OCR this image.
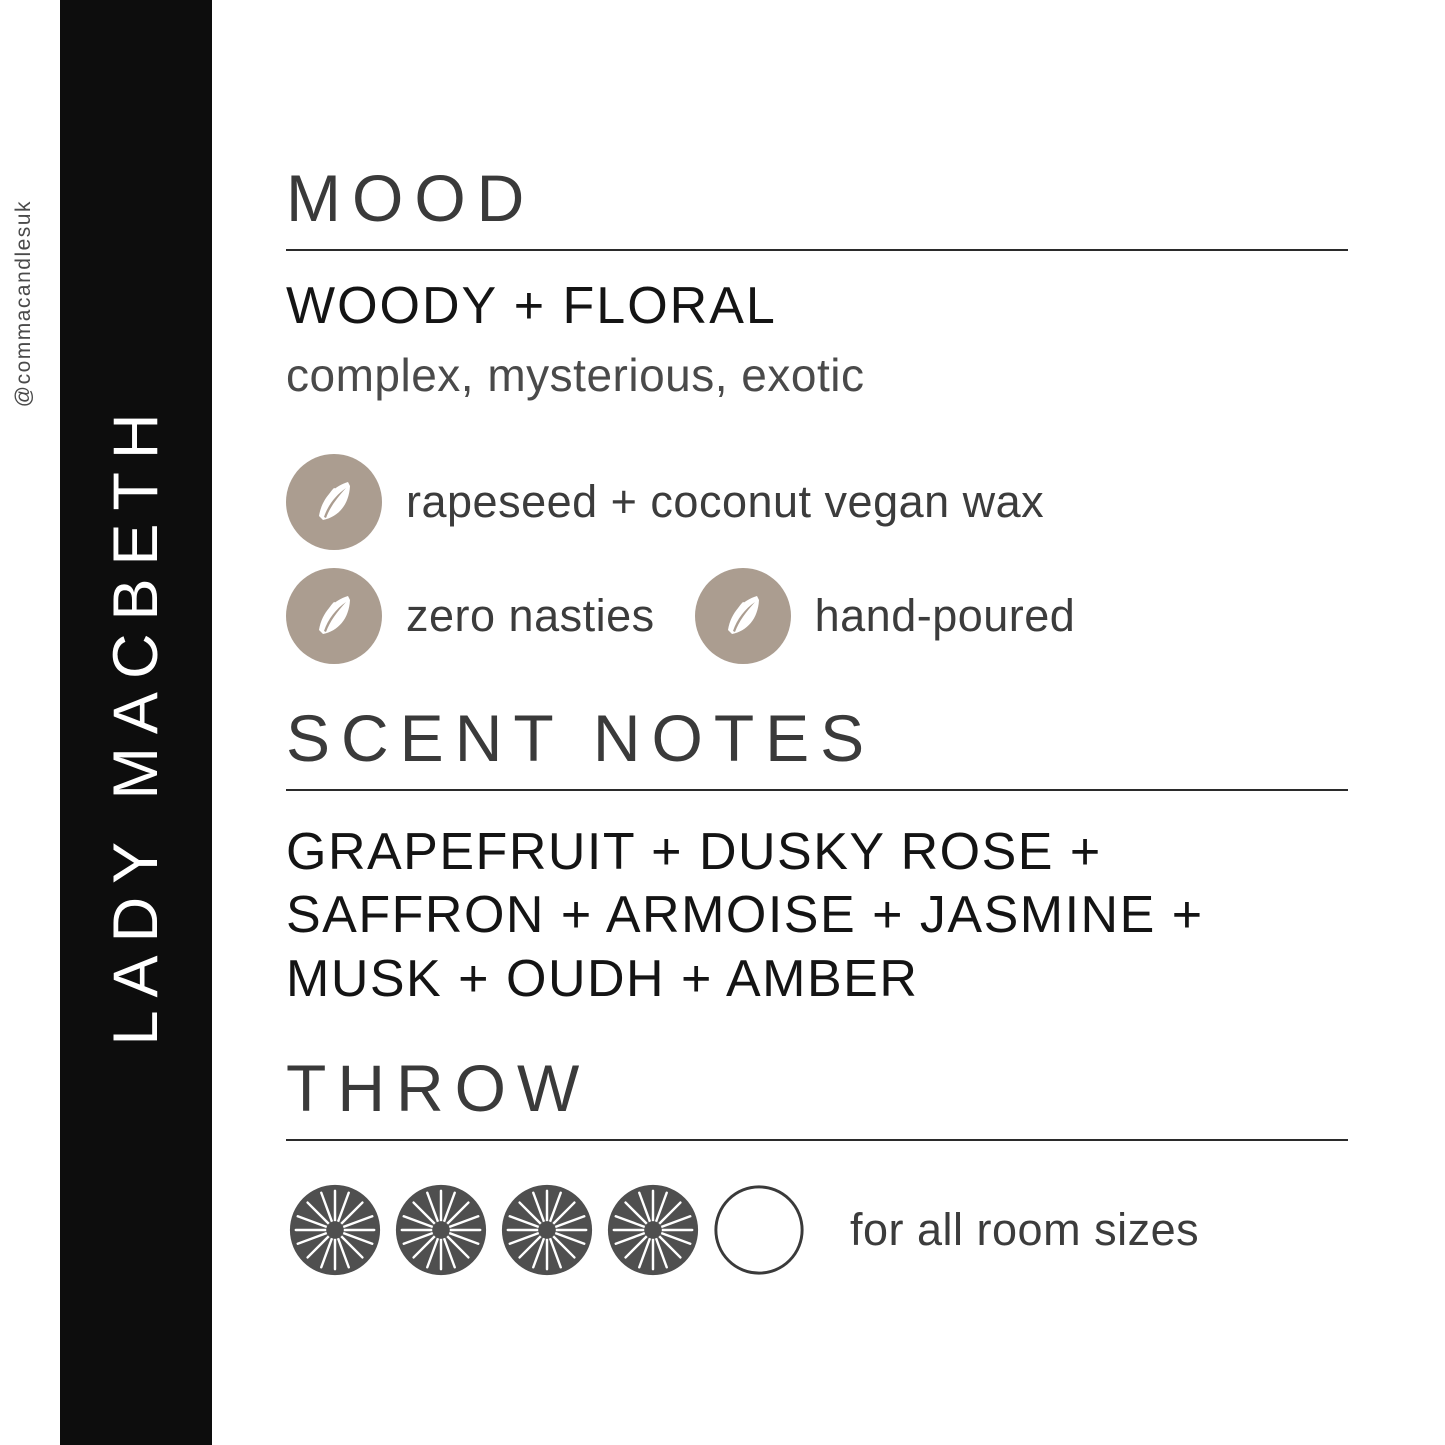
LADY MACBETH
@commacandlesuk
MOOD
WOODY + FLORAL
complex, mysterious, exotic
rapeseed + coconut vegan wax
zero nasties	hand-poured
SCENT NOTES
GRAPEFRUIT + DUSKY ROSE + SAFFRON + ARMOISE + JASMINE + MUSK + OUDH + AMBER
THROW
for all room sizes
